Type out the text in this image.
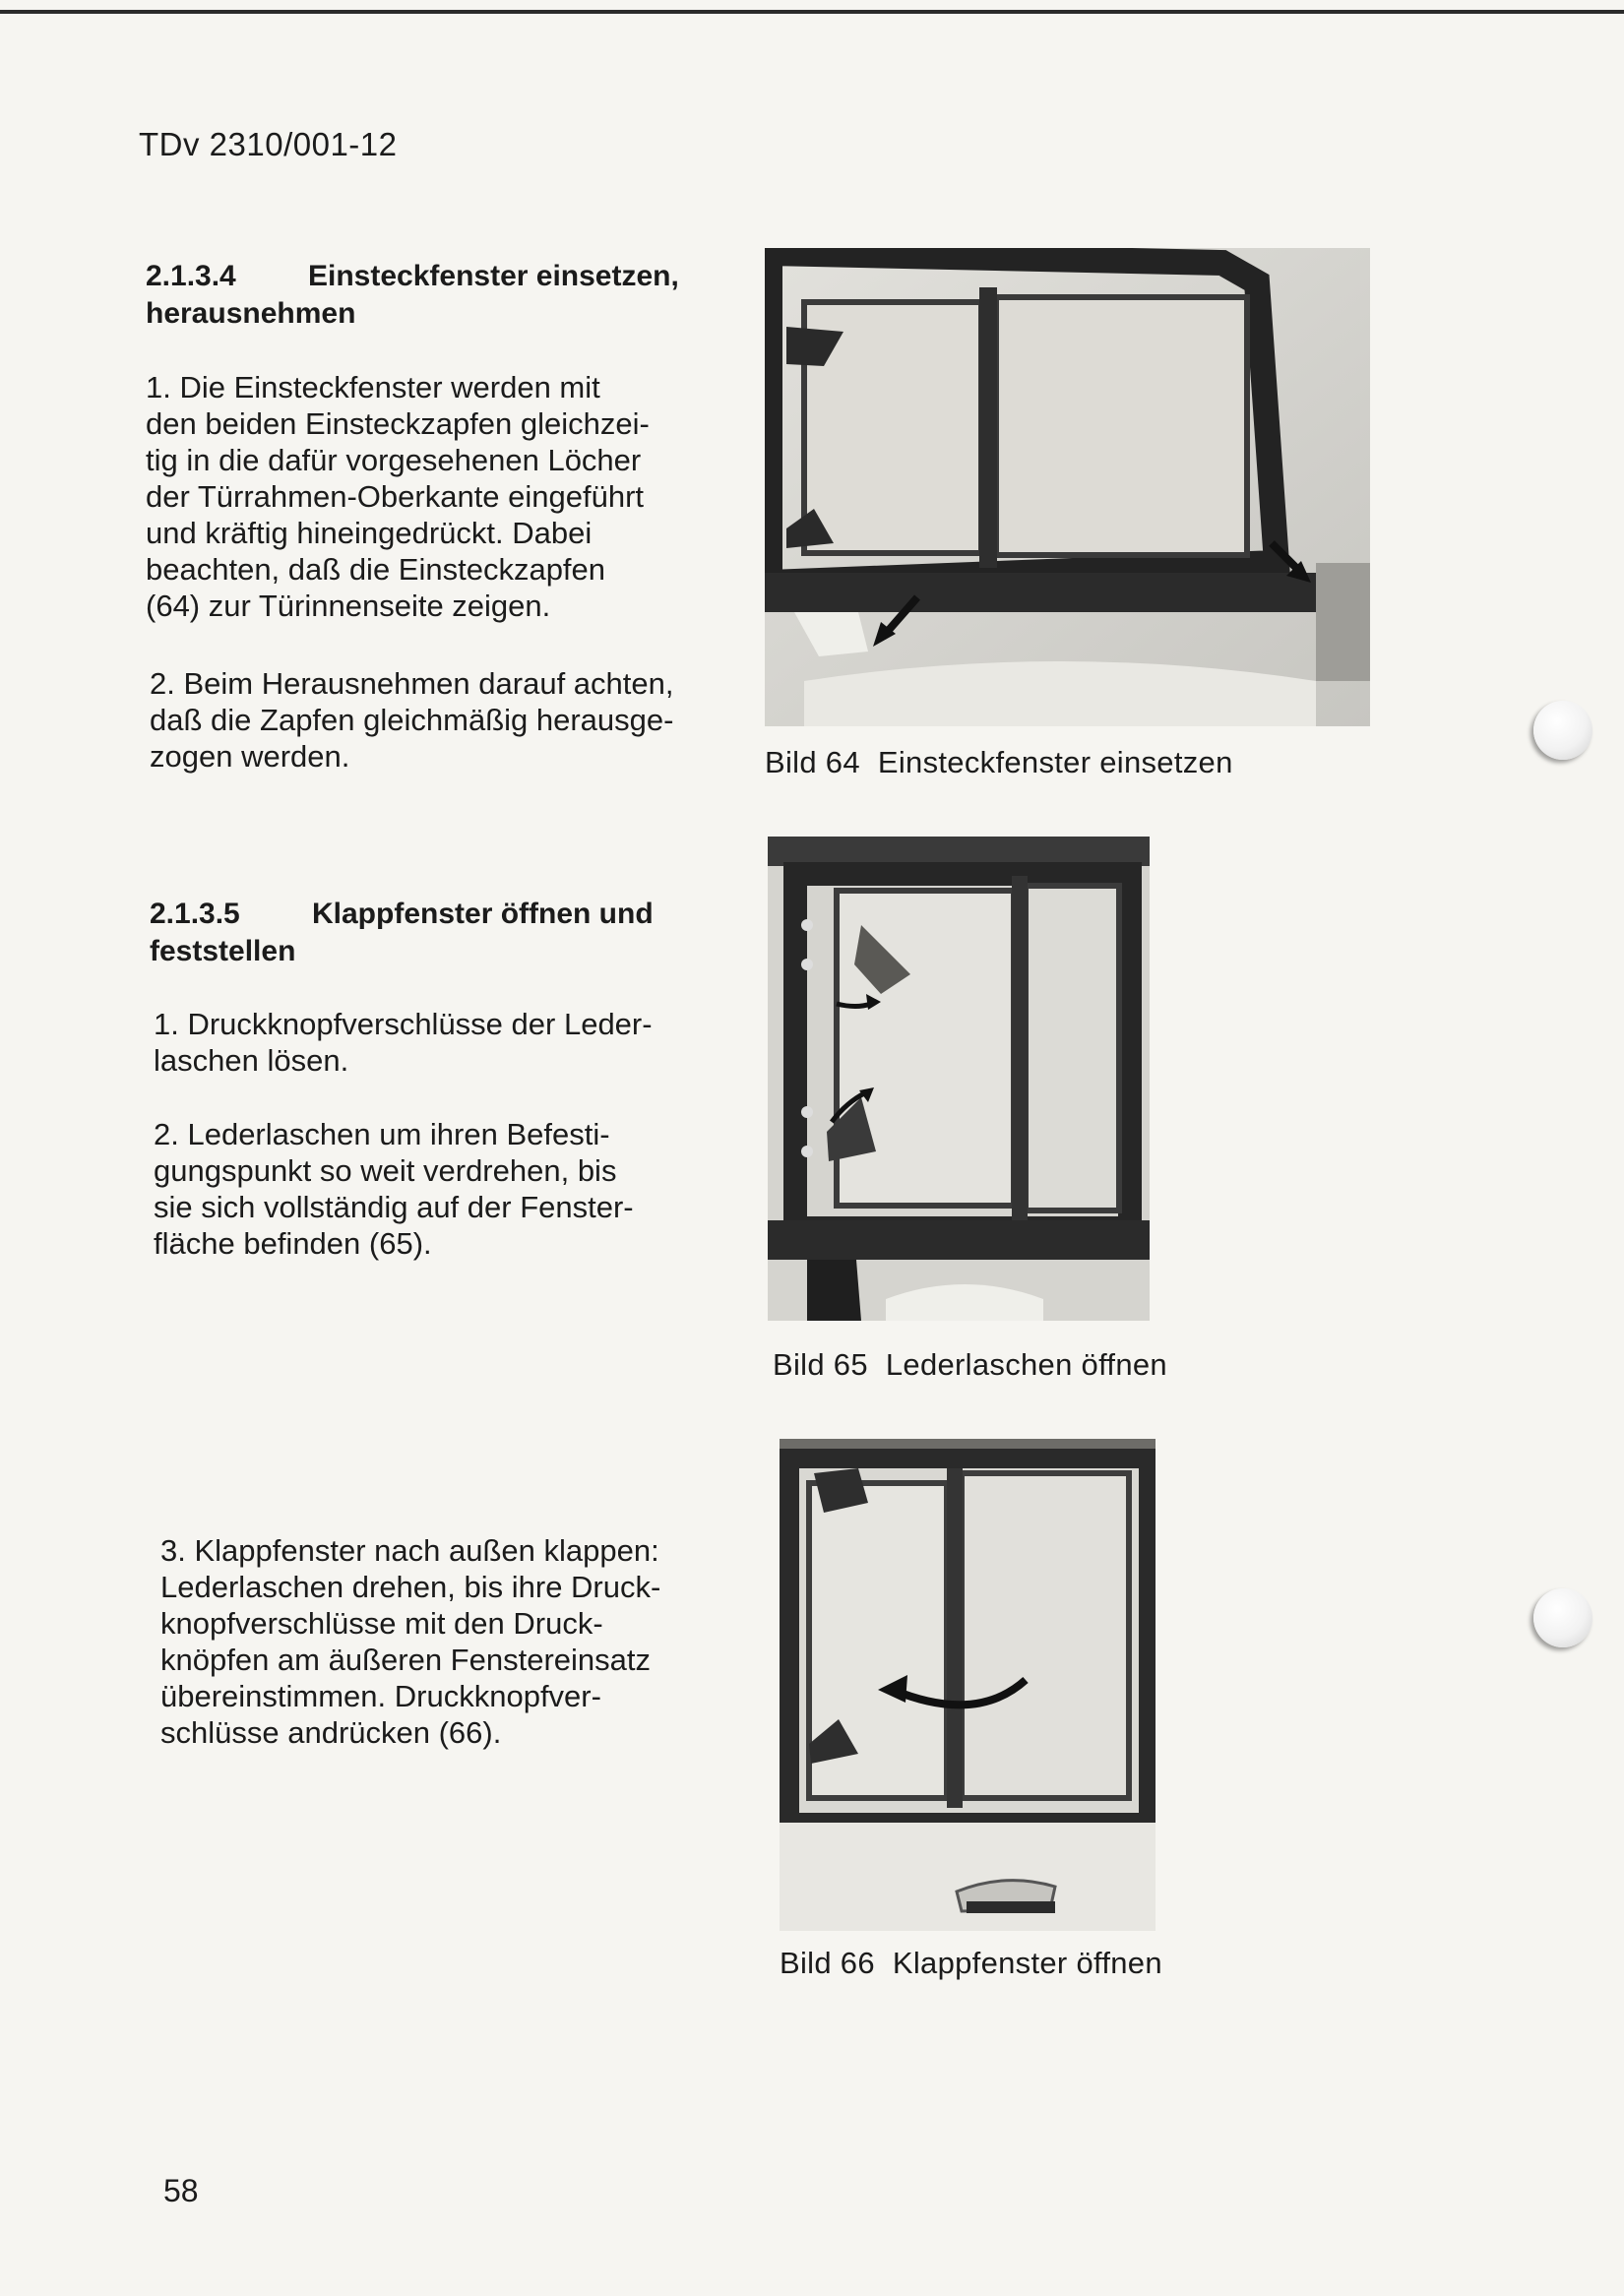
TDv 2310/001-12
2.1.3.4 Einsteckfenster einsetzen,
herausnehmen
1. Die Einsteckfenster werden mit
den beiden Einsteckzapfen gleichzei-
tig in die dafür vorgesehenen Löcher
der Türrahmen-Oberkante eingeführt
und kräftig hineingedrückt. Dabei
beachten, daß die Einsteckzapfen
(64) zur Türinnenseite zeigen.
2. Beim Herausnehmen darauf achten,
daß die Zapfen gleichmäßig herausge-
zogen werden.
2.1.3.5 Klappfenster öffnen und
feststellen
1. Druckknopfverschlüsse der Leder-
laschen lösen.
2. Lederlaschen um ihren Befesti-
gungspunkt so weit verdrehen, bis
sie sich vollständig auf der Fenster-
fläche befinden (65).
3. Klappfenster nach außen klappen:
Lederlaschen drehen, bis ihre Druck-
knopfverschlüsse mit den Druck-
knöpfen am äußeren Fenstereinsatz
übereinstimmen. Druckknopfver-
schlüsse andrücken (66).
Bild 64 Einsteckfenster einsetzen
Bild 65 Lederlaschen öffnen
Bild 66 Klappfenster öffnen
58
